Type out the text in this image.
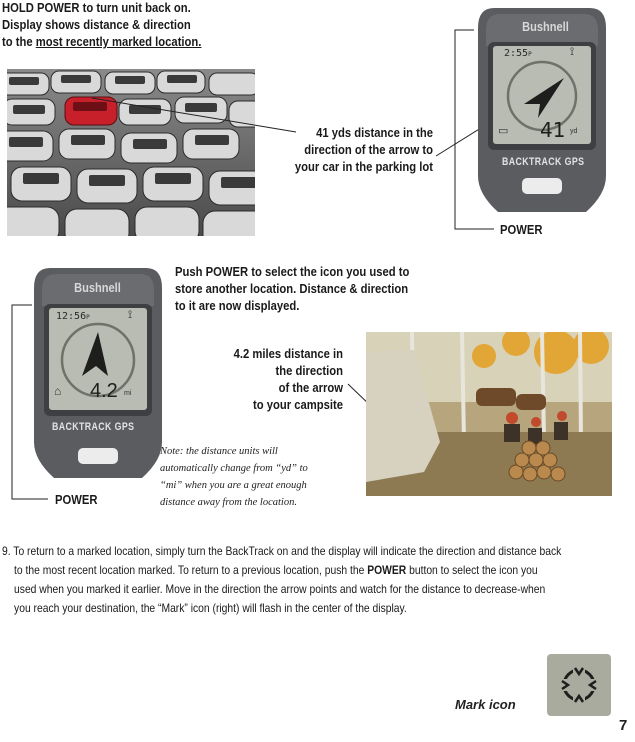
HOLD POWER to turn unit back on.
Display shows distance & direction
to the most recently marked location.
41 yds distance in the
direction of the arrow to
your car in the parking lot
Bushnell
2:55P	⟟
▭ 41 yd
BACKTRACK GPS
POWER
Push POWER to select the icon you used to
store another location. Distance & direction
to it are now displayed.
Bushnell
12:56P	⟟
⌂ 4.2 mi
BACKTRACK GPS
POWER
4.2 miles distance in
the direction
of the arrow
to your campsite
Note: the distance units will
automatically change from “yd” to
“mi” when you are a great enough
distance away from the location.
9. To return to a marked location, simply turn the BackTrack on and the display will indicate the direction and distance back
to the most recent location marked. To return to a previous location, push the POWER button to select the icon you
used when you marked it earlier. Move in the direction the arrow points and watch for the distance to decrease-when
you reach your destination, the “Mark” icon (right) will flash in the center of the display.
Mark icon
7
